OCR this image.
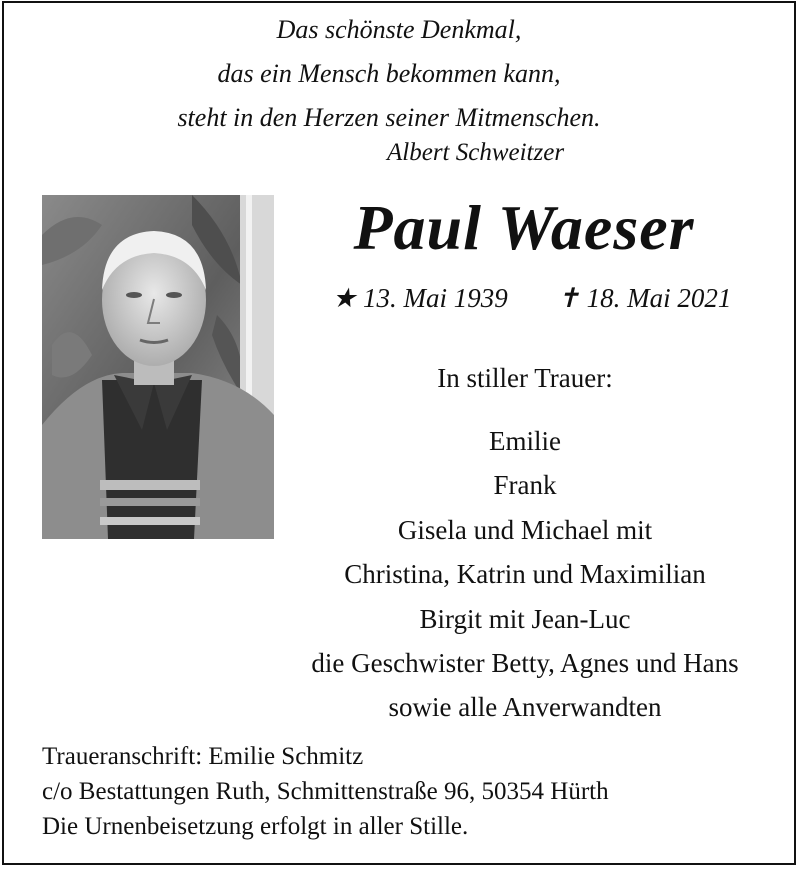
Das schönste Denkmal,
das ein Mensch bekommen kann,
steht in den Herzen seiner Mitmenschen.
Albert Schweitzer
Paul Waeser
★ 13. Mai 1939 ✝ 18. Mai 2021
In stiller Trauer:
Emilie
Frank
Gisela und Michael mit
Christina, Katrin und Maximilian
Birgit mit Jean-Luc
die Geschwister Betty, Agnes und Hans
sowie alle Anverwandten
Traueranschrift: Emilie Schmitz
c/o Bestattungen Ruth, Schmittenstraße 96, 50354 Hürth
Die Urnenbeisetzung erfolgt in aller Stille.
